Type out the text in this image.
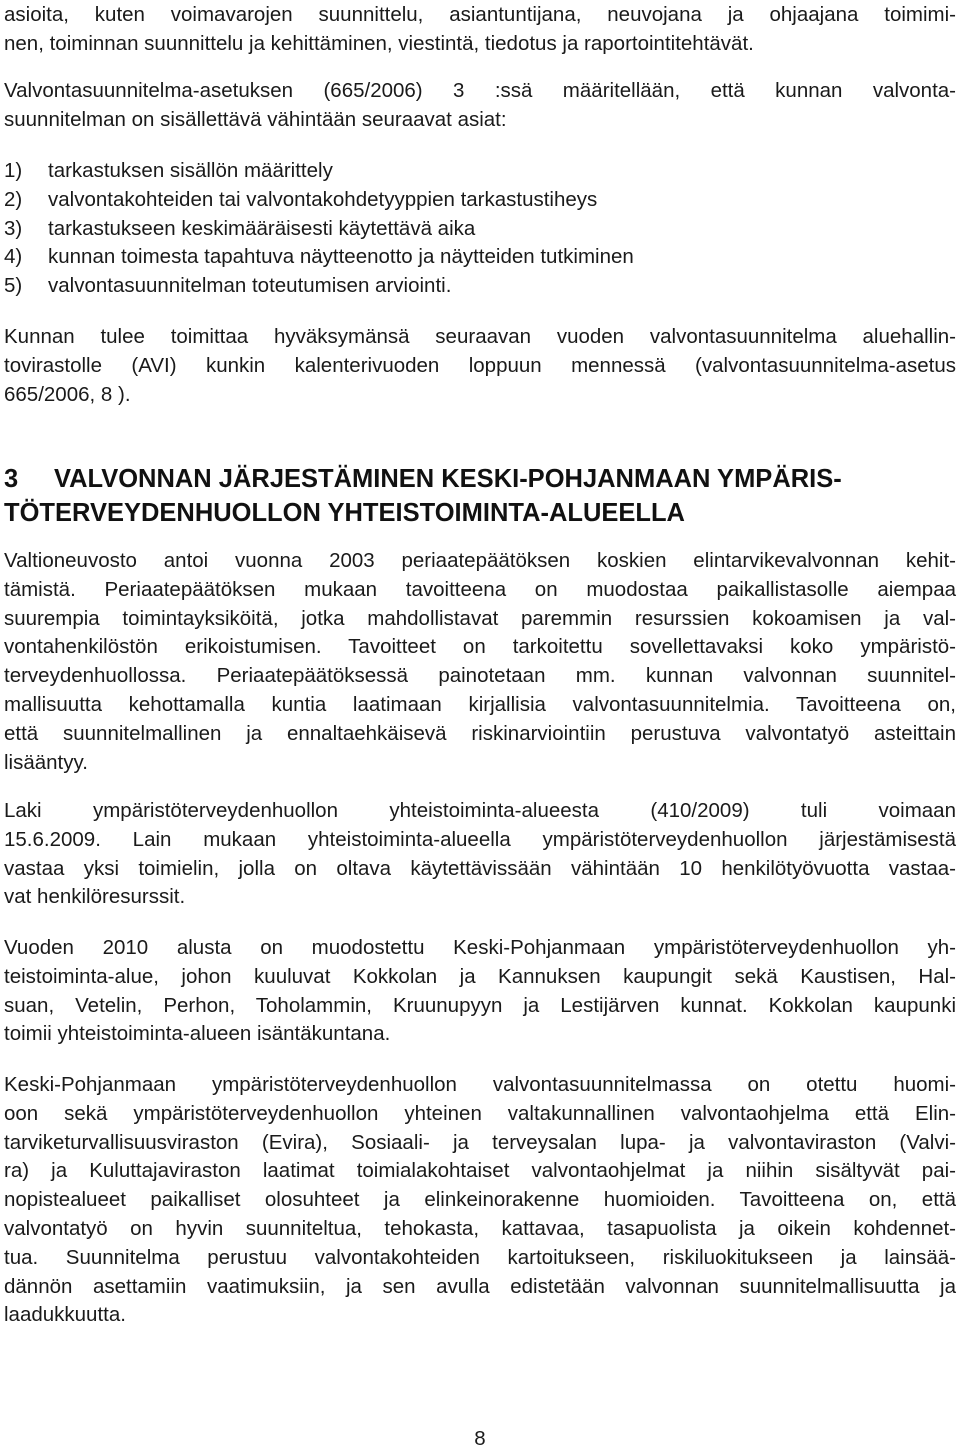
asioita, kuten voimavarojen suunnittelu, asiantuntijana, neuvojana ja ohjaajana toimimi-
nen, toiminnan suunnittelu ja kehittäminen, viestintä, tiedotus ja raportointitehtävät.
Valvontasuunnitelma-asetuksen (665/2006) 3 :ssä määritellään, että kunnan valvonta-
suunnitelman on sisällettävä vähintään seuraavat asiat:
1) tarkastuksen sisällön määrittely
2) valvontakohteiden tai valvontakohdetyyppien tarkastustiheys
3) tarkastukseen keskimääräisesti käytettävä aika
4) kunnan toimesta tapahtuva näytteenotto ja näytteiden tutkiminen
5) valvontasuunnitelman toteutumisen arviointi.
Kunnan tulee toimittaa hyväksymänsä seuraavan vuoden valvontasuunnitelma aluehallin-
tovirastolle (AVI) kunkin kalenterivuoden loppuun mennessä (valvontasuunnitelma-asetus
665/2006, 8 ).
3 VALVONNAN JÄRJESTÄMINEN KESKI-POHJANMAAN YMPÄRIS-
TÖTERVEYDENHUOLLON YHTEISTOIMINTA-ALUEELLA
Valtioneuvosto antoi vuonna 2003 periaatepäätöksen koskien elintarvikevalvonnan kehit-
tämistä. Periaatepäätöksen mukaan tavoitteena on muodostaa paikallistasolle aiempaa
suurempia toimintayksiköitä, jotka mahdollistavat paremmin resurssien kokoamisen ja val-
vontahenkilöstön erikoistumisen. Tavoitteet on tarkoitettu sovellettavaksi koko ympäristö-
terveydenhuollossa. Periaatepäätöksessä painotetaan mm. kunnan valvonnan suunnitel-
mallisuutta kehottamalla kuntia laatimaan kirjallisia valvontasuunnitelmia. Tavoitteena on,
että suunnitelmallinen ja ennaltaehkäisevä riskinarviointiin perustuva valvontatyö asteittain
lisääntyy.
Laki ympäristöterveydenhuollon yhteistoiminta-alueesta (410/2009) tuli voimaan
15.6.2009. Lain mukaan yhteistoiminta-alueella ympäristöterveydenhuollon järjestämisestä
vastaa yksi toimielin, jolla on oltava käytettävissään vähintään 10 henkilötyövuotta vastaa-
vat henkilöresurssit.
Vuoden 2010 alusta on muodostettu Keski-Pohjanmaan ympäristöterveydenhuollon yh-
teistoiminta-alue, johon kuuluvat Kokkolan ja Kannuksen kaupungit sekä Kaustisen, Hal-
suan, Vetelin, Perhon, Toholammin, Kruunupyyn ja Lestijärven kunnat. Kokkolan kaupunki
toimii yhteistoiminta-alueen isäntäkuntana.
Keski-Pohjanmaan ympäristöterveydenhuollon valvontasuunnitelmassa on otettu huomi-
oon sekä ympäristöterveydenhuollon yhteinen valtakunnallinen valvontaohjelma että Elin-
tarviketurvallisuusviraston (Evira), Sosiaali- ja terveysalan lupa- ja valvontaviraston (Valvi-
ra) ja Kuluttajaviraston laatimat toimialakohtaiset valvontaohjelmat ja niihin sisältyvät pai-
nopistealueet paikalliset olosuhteet ja elinkeinorakenne huomioiden. Tavoitteena on, että
valvontatyö on hyvin suunniteltua, tehokasta, kattavaa, tasapuolista ja oikein kohdennet-
tua. Suunnitelma perustuu valvontakohteiden kartoitukseen, riskiluokitukseen ja lainsää-
dännön asettamiin vaatimuksiin, ja sen avulla edistetään valvonnan suunnitelmallisuutta ja
laadukkuutta.
8
